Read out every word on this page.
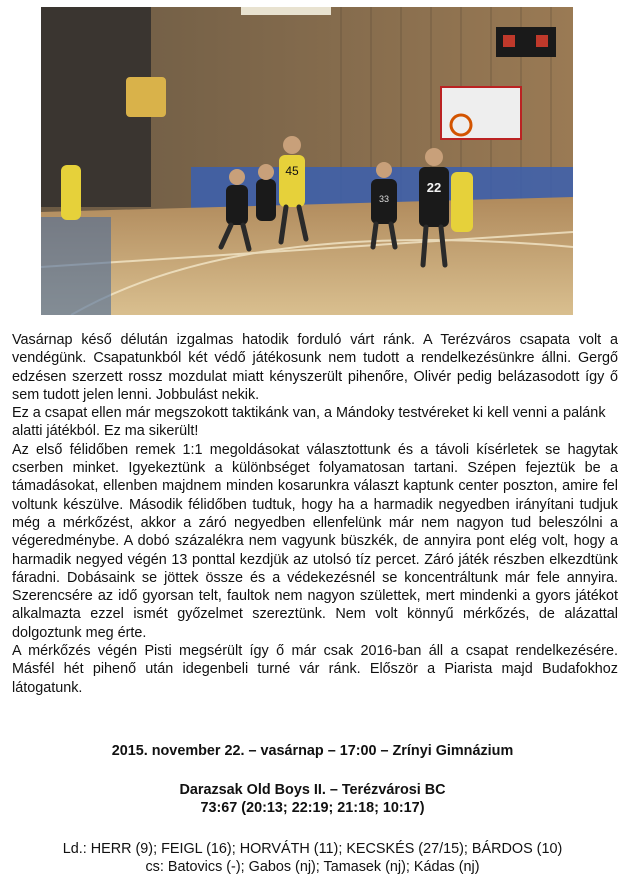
45
22
33

Vasárnap késő délután izgalmas hatodik forduló várt ránk. A Terézváros csapata volt a vendégünk. Csapatunkból két védő játékosunk nem tudott a rendelkezésünkre állni. Gergő edzésen szerzett rossz mozdulat miatt kényszerült pihenőre, Olivér pedig belázasodott így ő sem tudott jelen lenni. Jobbulást nekik.

Ez a csapat ellen már megszokott taktikánk van, a Mándoky testvéreket ki kell venni a palánk alatti játékból. Ez ma sikerült!

Az első félidőben remek 1:1 megoldásokat választottunk és a távoli kísérletek se hagytak cserben minket. Igyekeztünk a különbséget folyamatosan tartani. Szépen fejeztük be a támadásokat, ellenben majdnem minden kosarunkra választ kaptunk center poszton, amire fel voltunk készülve. Második félidőben tudtuk, hogy ha a harmadik negyedben irányítani tudjuk még a mérkőzést, akkor a záró negyedben ellenfelünk már nem nagyon tud beleszólni a végeredménybe. A dobó százalékra nem vagyunk büszkék, de annyira pont elég volt, hogy a harmadik negyed végén 13 ponttal kezdjük az utolsó tíz percet. Záró játék részben elkezdtünk fáradni. Dobásaink se jöttek össze és a védekezésnél se koncentráltunk már fele annyira. Szerencsére az idő gyorsan telt, faultok nem nagyon születtek, mert mindenki a gyors játékot alkalmazta ezzel ismét győzelmet szereztünk. Nem volt könnyű mérkőzés, de alázattal dolgoztunk meg érte.

A mérkőzés végén Pisti megsérült így ő már csak 2016-ban áll a csapat rendelkezésére. Másfél hét pihenő után idegenbeli turné vár ránk. Először a Piarista majd Budafokhoz látogatunk.

2015. november 22. – vasárnap – 17:00 – Zrínyi Gimnázium
Darazsak Old Boys II. – Terézvárosi BC
73:67 (20:13; 22:19; 21:18; 10:17)
Ld.: HERR (9); FEIGL (16); HORVÁTH (11); KECSKÉS (27/15); BÁRDOS (10)
cs: Batovics (-); Gabos (nj); Tamasek (nj); Kádas (nj)
